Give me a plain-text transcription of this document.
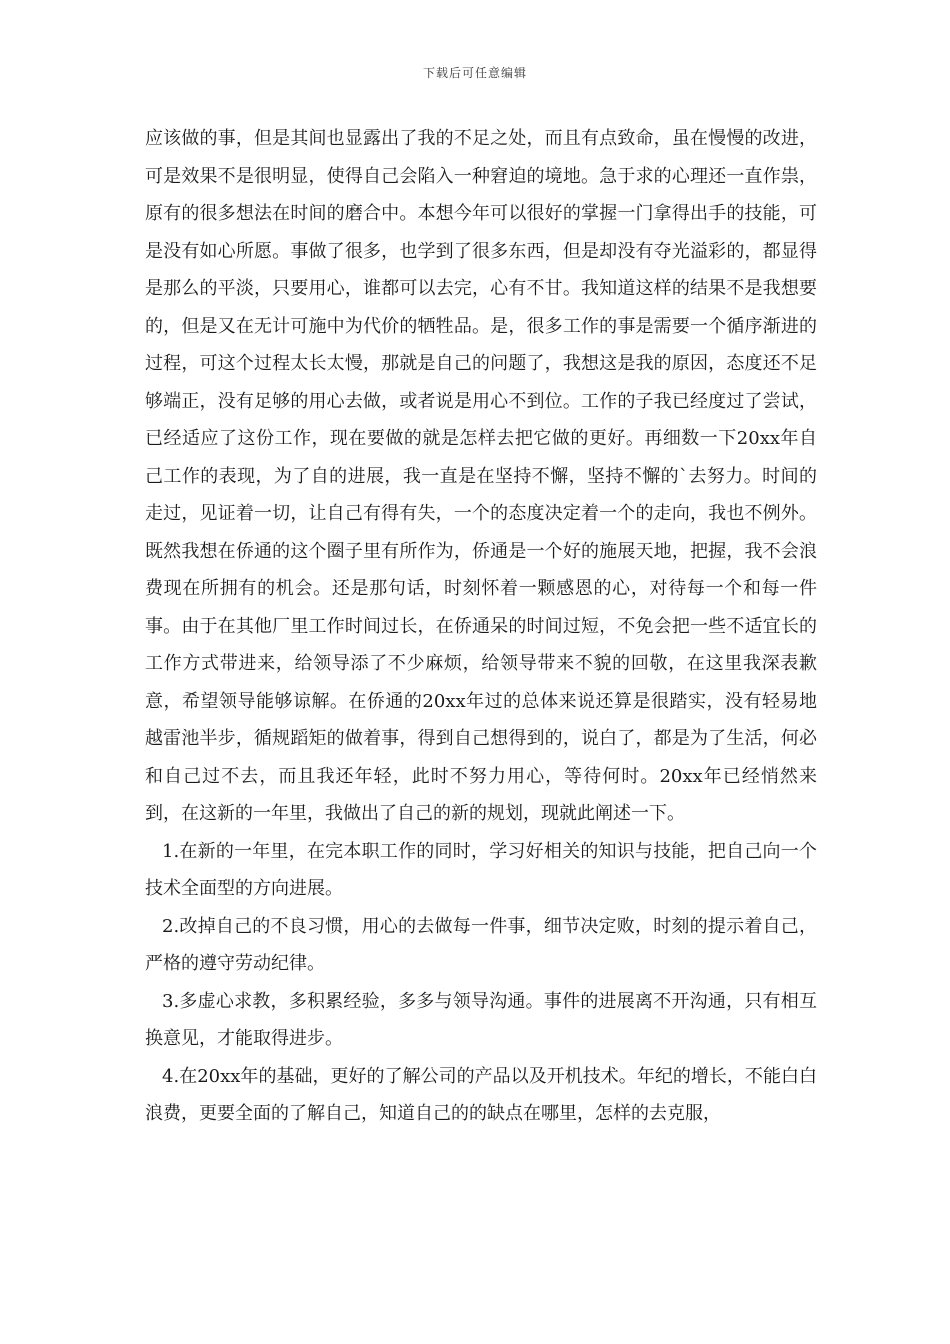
下载后可任意编辑

应该做的事，但是其间也显露出了我的不足之处，而且有点致命，虽在慢慢的改进，可是效果不是很明显，使得自己会陷入一种窘迫的境地。急于求的心理还一直作祟，原有的很多想法在时间的磨合中。本想今年可以很好的掌握一门拿得出手的技能，可是没有如心所愿。事做了很多，也学到了很多东西，但是却没有夺光溢彩的，都显得是那么的平淡，只要用心，谁都可以去完，心有不甘。我知道这样的结果不是我想要的，但是又在无计可施中为代价的牺牲品。是，很多工作的事是需要一个循序渐进的过程，可这个过程太长太慢，那就是自己的问题了，我想这是我的原因，态度还不足够端正，没有足够的用心去做，或者说是用心不到位。工作的子我已经度过了尝试，已经适应了这份工作，现在要做的就是怎样去把它做的更好。再细数一下20xx年自己工作的表现，为了自的进展，我一直是在坚持不懈，坚持不懈的`去努力。时间的走过，见证着一切，让自己有得有失，一个的态度决定着一个的走向，我也不例外。既然我想在侨通的这个圈子里有所作为，侨通是一个好的施展天地，把握，我不会浪费现在所拥有的机会。还是那句话，时刻怀着一颗感恩的心，对待每一个和每一件事。由于在其他厂里工作时间过长，在侨通呆的时间过短，不免会把一些不适宜长的工作方式带进来，给领导添了不少麻烦，给领导带来不貌的回敬，在这里我深表歉意，希望领导能够谅解。在侨通的20xx年过的总体来说还算是很踏实，没有轻易地越雷池半步，循规蹈矩的做着事，得到自己想得到的，说白了，都是为了生活，何必和自己过不去，而且我还年轻，此时不努力用心，等待何时。20xx年已经悄然来到，在这新的一年里，我做出了自己的新的规划，现就此阐述一下。

1.在新的一年里，在完本职工作的同时，学习好相关的知识与技能，把自己向一个技术全面型的方向进展。

2.改掉自己的不良习惯，用心的去做每一件事，细节决定败，时刻的提示着自己，严格的遵守劳动纪律。

3.多虚心求教，多积累经验，多多与领导沟通。事件的进展离不开沟通，只有相互换意见，才能取得进步。

4.在20xx年的基础，更好的了解公司的产品以及开机技术。年纪的增长，不能白白浪费，更要全面的了解自己，知道自己的的缺点在哪里，怎样的去克服，
